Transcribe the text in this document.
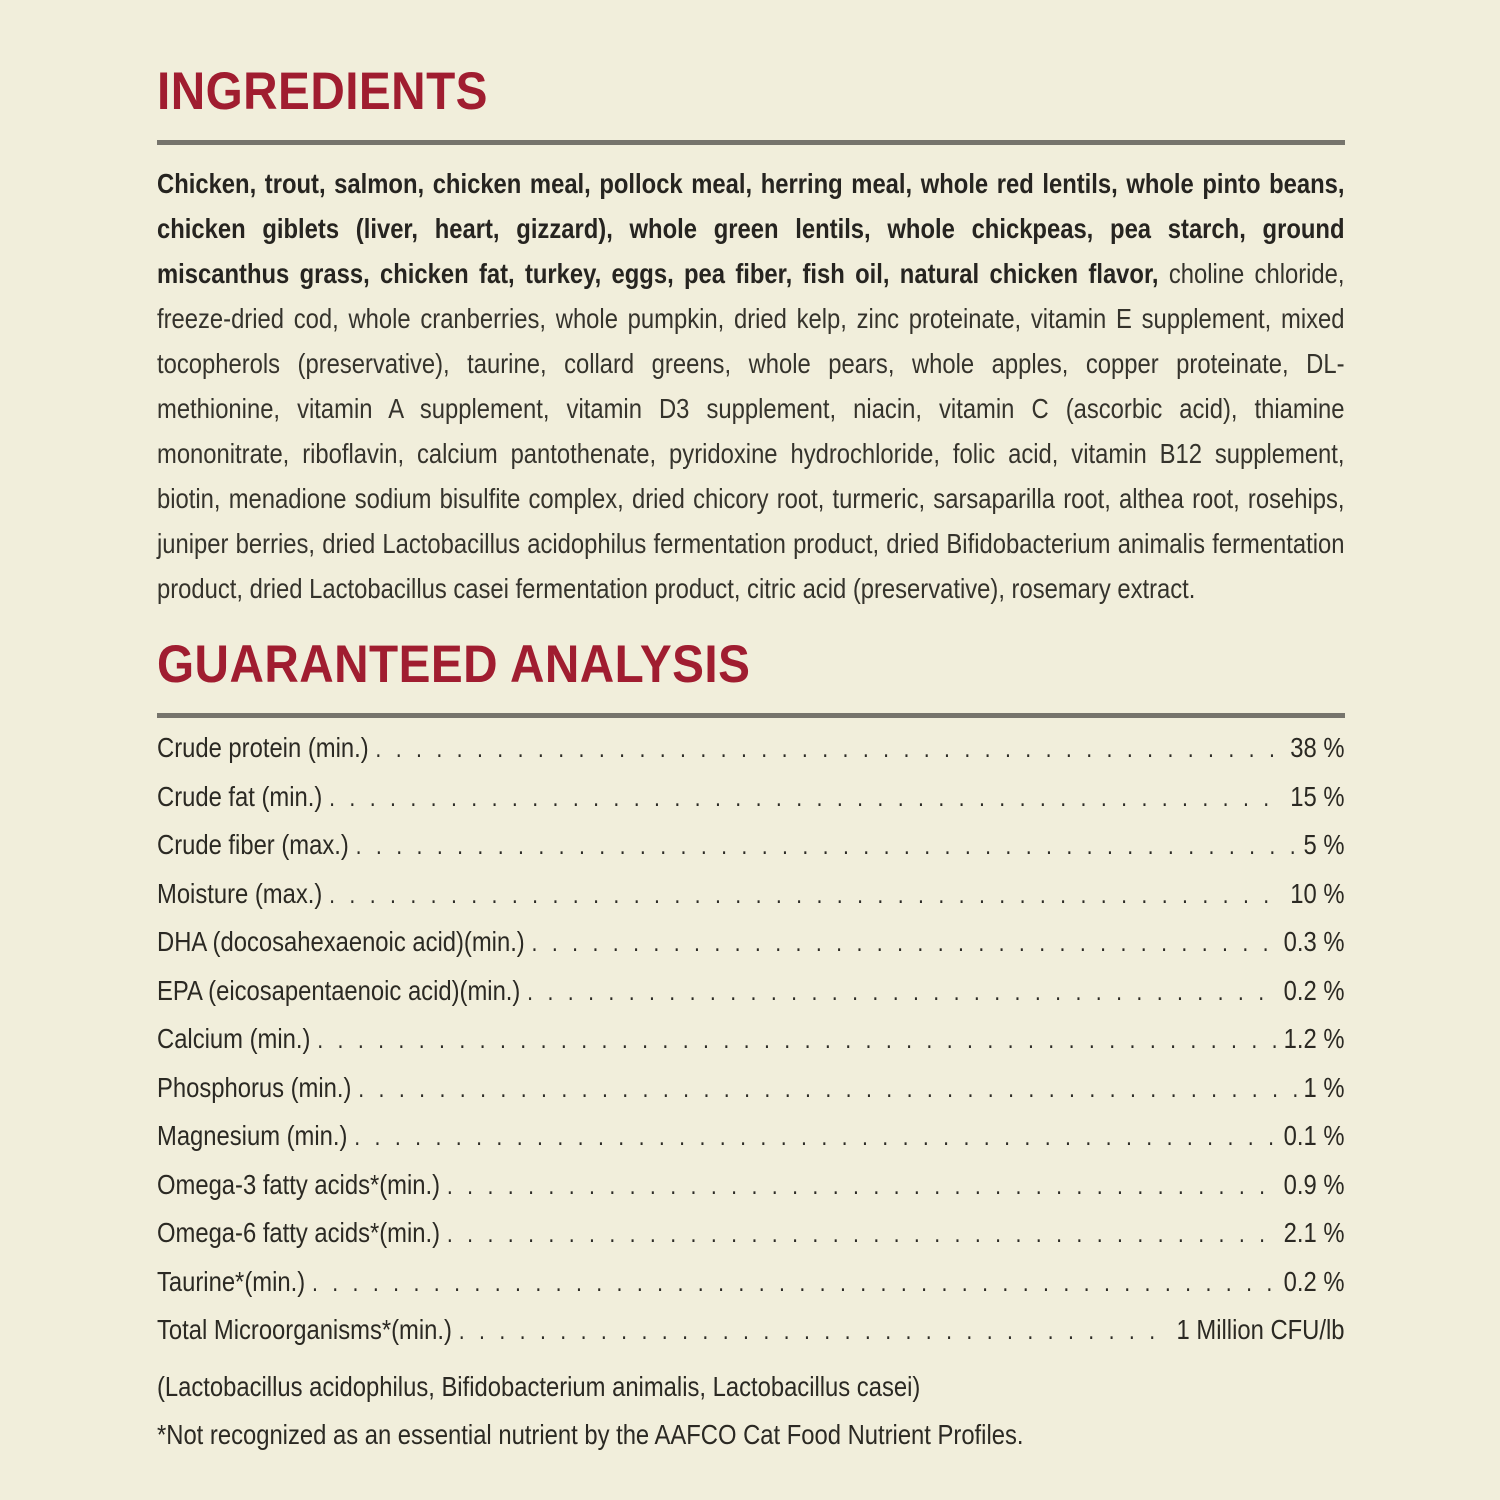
INGREDIENTS

Chicken, trout, salmon, chicken meal, pollock meal, herring meal, whole red lentils, whole pinto beans, chicken giblets (liver, heart, gizzard), whole green lentils, whole chickpeas, pea starch, ground miscanthus grass, chicken fat, turkey, eggs, pea fiber, fish oil, natural chicken flavor, choline chloride, freeze-dried cod, whole cranberries, whole pumpkin, dried kelp, zinc proteinate, vitamin E supplement, mixed tocopherols (preservative), taurine, collard greens, whole pears, whole apples, copper proteinate, DL-methionine, vitamin A supplement, vitamin D3 supplement, niacin, vitamin C (ascorbic acid), thiamine mononitrate, riboflavin, calcium pantothenate, pyridoxine hydrochloride, folic acid, vitamin B12 supplement, biotin, menadione sodium bisulfite complex, dried chicory root, turmeric, sarsaparilla root, althea root, rosehips, juniper berries, dried Lactobacillus acidophilus fermentation product, dried Bifidobacterium animalis fermentation product, dried Lactobacillus casei fermentation product, citric acid (preservative), rosemary extract.

GUARANTEED ANALYSIS
Crude protein (min.) . . .	38 %
Crude fat (min.) . . .	15 %
Crude fiber (max.) . . .	5 %
Moisture (max.) . . .	10 %
DHA (docosahexaenoic acid)(min.) . . .	0.3 %
EPA (eicosapentaenoic acid)(min.) . . .	0.2 %
Calcium (min.) . . .	1.2 %
Phosphorus (min.) . . .	1 %
Magnesium (min.) . . .	0.1 %
Omega-3 fatty acids*(min.) . . .	0.9 %
Omega-6 fatty acids*(min.) . . .	2.1 %
Taurine*(min.) . . .	0.2 %
Total Microorganisms*(min.) . . .	1 Million CFU/lb

(Lactobacillus acidophilus, Bifidobacterium animalis, Lactobacillus casei)

*Not recognized as an essential nutrient by the AAFCO Cat Food Nutrient Profiles.
